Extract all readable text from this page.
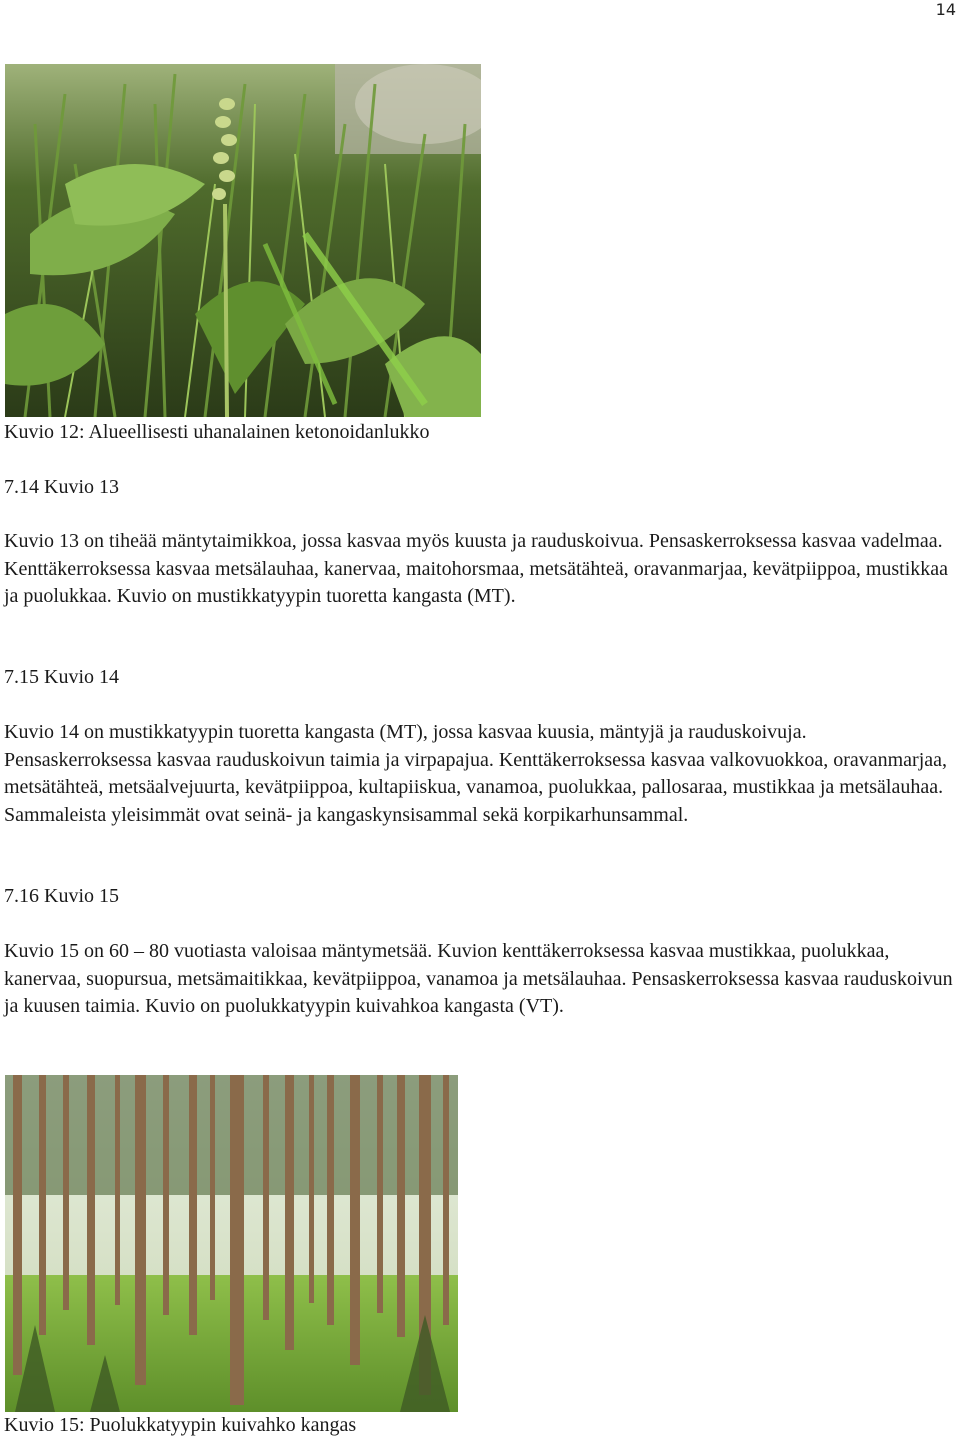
14

Kuvio 12: Alueellisesti uhanalainen ketonoidanlukko

7.14 Kuvio 13

Kuvio 13 on tiheää mäntytaimikkoa, jossa kasvaa myös kuusta ja rauduskoivua. Pensaskerroksessa kasvaa vadelmaa. Kenttäkerroksessa kasvaa metsälauhaa, kanervaa, maitohorsmaa, metsätähteä, oravanmarjaa, kevätpiippoa, mustikkaa ja puolukkaa. Kuvio on mustikkatyypin tuoretta kangasta (MT).

7.15 Kuvio 14

Kuvio 14 on mustikkatyypin tuoretta kangasta (MT), jossa kasvaa kuusia, mäntyjä ja rauduskoivuja. Pensaskerroksessa kasvaa rauduskoivun taimia ja virpapajua. Kenttäkerroksessa kasvaa valkovuokkoa, oravanmarjaa, metsätähteä, metsäalvejuurta, kevätpiippoa, kultapiiskua, vanamoa, puolukkaa, pallosaraa, mustikkaa ja metsälauhaa. Sammaleista yleisimmät ovat seinä- ja kangaskynsisammal sekä korpikarhunsammal.

7.16 Kuvio 15

Kuvio 15 on 60 – 80 vuotiasta valoisaa mäntymetsää. Kuvion kenttäkerroksessa kasvaa mustikkaa, puolukkaa, kanervaa, suopursua, metsämaitikkaa, kevätpiippoa, vanamoa ja metsälauhaa. Pensaskerroksessa kasvaa rauduskoivun ja kuusen taimia. Kuvio on puolukkatyypin kuivahkoa kangasta (VT).

Kuvio 15: Puolukkatyypin kuivahko kangas
